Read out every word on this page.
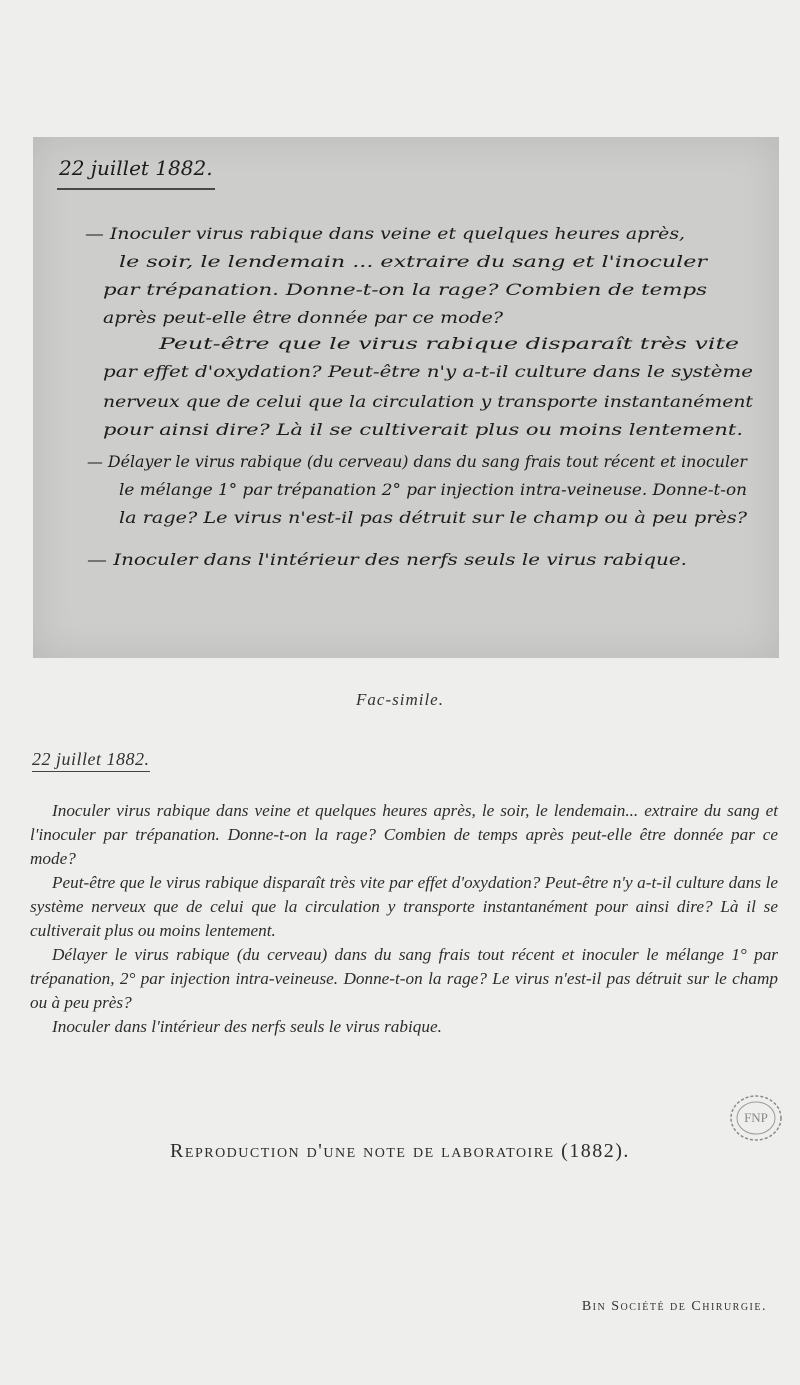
22 juillet 1882.
— Inoculer virus rabique dans veine et quelques heures après,
le soir, le lendemain ... extraire du sang et l'inoculer
par trépanation. Donne-t-on la rage? Combien de temps
après peut-elle être donnée par ce mode?
Peut-être que le virus rabique disparaît très vite
par effet d'oxydation? Peut-être n'y a-t-il culture dans le système
nerveux que de celui que la circulation y transporte instantanément
pour ainsi dire? Là il se cultiverait plus ou moins lentement.
— Délayer le virus rabique (du cerveau) dans du sang frais tout récent et inoculer
le mélange 1° par trépanation 2° par injection intra-veineuse. Donne-t-on
la rage? Le virus n'est-il pas détruit sur le champ ou à peu près?
— Inoculer dans l'intérieur des nerfs seuls le virus rabique.
Fac-simile.
22 juillet 1882.

Inoculer virus rabique dans veine et quelques heures après, le soir, le lendemain... extraire du sang et l'inoculer par trépanation. Donne-t-on la rage? Combien de temps après peut-elle être donnée par ce mode?

Peut-être que le virus rabique disparaît très vite par effet d'oxydation? Peut-être n'y a-t-il culture dans le système nerveux que de celui que la circulation y transporte instantanément pour ainsi dire? Là il se cultiverait plus ou moins lentement.

Délayer le virus rabique (du cerveau) dans du sang frais tout récent et inoculer le mélange 1° par trépanation, 2° par injection intra-veineuse. Donne-t-on la rage? Le virus n'est-il pas détruit sur le champ ou à peu près?

Inoculer dans l'intérieur des nerfs seuls le virus rabique.

FNP
Reproduction d'une note de laboratoire (1882).
Bin Société de Chirurgie.
